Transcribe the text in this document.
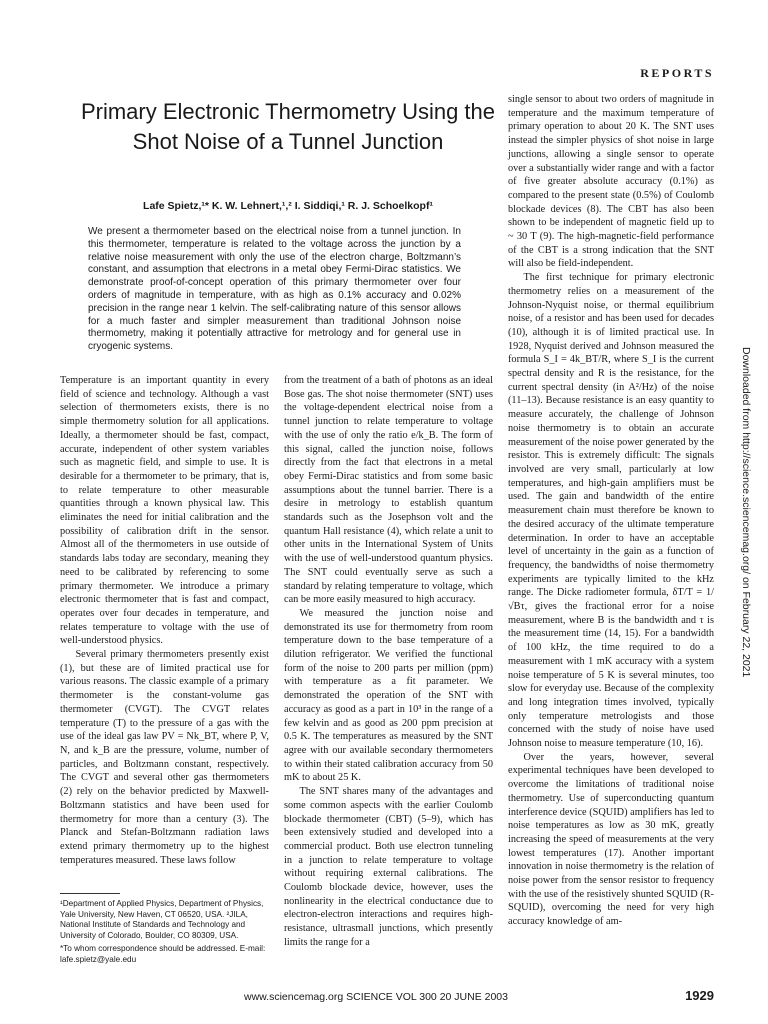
REPORTS
Primary Electronic Thermometry Using the Shot Noise of a Tunnel Junction
Lafe Spietz,¹* K. W. Lehnert,¹,² I. Siddiqi,¹ R. J. Schoelkopf¹
We present a thermometer based on the electrical noise from a tunnel junction. In this thermometer, temperature is related to the voltage across the junction by a relative noise measurement with only the use of the electron charge, Boltzmann’s constant, and assumption that electrons in a metal obey Fermi-Dirac statistics. We demonstrate proof-of-concept operation of this primary thermometer over four orders of magnitude in temperature, with as high as 0.1% accuracy and 0.02% precision in the range near 1 kelvin. The self-calibrating nature of this sensor allows for a much faster and simpler measurement than traditional Johnson noise thermometry, making it potentially attractive for metrology and for general use in cryogenic systems.

Temperature is an important quantity in every field of science and technology. Although a vast selection of thermometers exists, there is no simple thermometry solution for all applications. Ideally, a thermometer should be fast, compact, accurate, independent of other system variables such as magnetic field, and simple to use. It is desirable for a thermometer to be primary, that is, to relate temperature to other measurable quantities through a known physical law. This eliminates the need for initial calibration and the possibility of calibration drift in the sensor. Almost all of the thermometers in use outside of standards labs today are secondary, meaning they need to be calibrated by referencing to some primary thermometer. We introduce a primary electronic thermometer that is fast and compact, operates over four decades in temperature, and relates temperature to voltage with the use of well-understood physics.

Several primary thermometers presently exist (1), but these are of limited practical use for various reasons. The classic example of a primary thermometer is the constant-volume gas thermometer (CVGT). The CVGT relates temperature (T) to the pressure of a gas with the use of the ideal gas law PV = Nk_BT, where P, V, N, and k_B are the pressure, volume, number of particles, and Boltzmann constant, respectively. The CVGT and several other gas thermometers (2) rely on the behavior predicted by Maxwell-Boltzmann statistics and have been used for thermometry for more than a century (3). The Planck and Stefan-Boltzmann radiation laws extend primary thermometry up to the highest temperatures measured. These laws follow

from the treatment of a bath of photons as an ideal Bose gas. The shot noise thermometer (SNT) uses the voltage-dependent electrical noise from a tunnel junction to relate temperature to voltage with the use of only the ratio e/k_B. The form of this signal, called the junction noise, follows directly from the fact that electrons in a metal obey Fermi-Dirac statistics and from some basic assumptions about the tunnel barrier. There is a desire in metrology to establish quantum standards such as the Josephson volt and the quantum Hall resistance (4), which relate a unit to other units in the International System of Units with the use of well-understood quantum physics. The SNT could eventually serve as such a standard by relating temperature to voltage, which can be more easily measured to high accuracy.

We measured the junction noise and demonstrated its use for thermometry from room temperature down to the base temperature of a dilution refrigerator. We verified the functional form of the noise to 200 parts per million (ppm) with temperature as a fit parameter. We demonstrated the operation of the SNT with accuracy as good as a part in 10³ in the range of a few kelvin and as good as 200 ppm precision at 0.5 K. The temperatures as measured by the SNT agree with our available secondary thermometers to within their stated calibration accuracy from 50 mK to about 25 K.

The SNT shares many of the advantages and some common aspects with the earlier Coulomb blockade thermometer (CBT) (5–9), which has been extensively studied and developed into a commercial product. Both use electron tunneling in a junction to relate temperature to voltage without requiring external calibrations. The Coulomb blockade device, however, uses the nonlinearity in the electrical conductance due to electron-electron interactions and requires high-resistance, ultrasmall junctions, which presently limits the range for a

single sensor to about two orders of magnitude in temperature and the maximum temperature of primary operation to about 20 K. The SNT uses instead the simpler physics of shot noise in large junctions, allowing a single sensor to operate over a substantially wider range and with a factor of five greater absolute accuracy (0.1%) as compared to the present state (0.5%) of Coulomb blockade devices (8). The CBT has also been shown to be independent of magnetic field up to ~ 30 T (9). The high-magnetic-field performance of the CBT is a strong indication that the SNT will also be field-independent.

The first technique for primary electronic thermometry relies on a measurement of the Johnson-Nyquist noise, or thermal equilibrium noise, of a resistor and has been used for decades (10), although it is of limited practical use. In 1928, Nyquist derived and Johnson measured the formula S_I = 4k_BT/R, where S_I is the current spectral density and R is the resistance, for the current spectral density (in A²/Hz) of the noise (11–13). Because resistance is an easy quantity to measure accurately, the challenge of Johnson noise thermometry is to obtain an accurate measurement of the noise power generated by the resistor. This is extremely difficult: The signals involved are very small, particularly at low temperatures, and high-gain amplifiers must be used. The gain and bandwidth of the entire measurement chain must therefore be known to the desired accuracy of the ultimate temperature determination. In order to have an acceptable level of uncertainty in the gain as a function of frequency, the bandwidths of noise thermometry experiments are typically limited to the kHz range. The Dicke radiometer formula, δT/T = 1/√Bτ, gives the fractional error for a noise measurement, where B is the bandwidth and τ is the measurement time (14, 15). For a bandwidth of 100 kHz, the time required to do a measurement with 1 mK accuracy with a system noise temperature of 5 K is several minutes, too slow for everyday use. Because of the complexity and long integration times involved, typically only temperature metrologists and those concerned with the study of noise have used Johnson noise to measure temperature (10, 16).

Over the years, however, several experimental techniques have been developed to overcome the limitations of traditional noise thermometry. Use of superconducting quantum interference device (SQUID) amplifiers has led to noise temperatures as low as 30 mK, greatly increasing the speed of measurements at the very lowest temperatures (17). Another important innovation in noise thermometry is the relation of noise power from the sensor resistor to frequency with the use of the resistively shunted SQUID (R-SQUID), overcoming the need for very high accuracy knowledge of am-

¹Department of Applied Physics, Department of Physics, Yale University, New Haven, CT 06520, USA. ²JILA, National Institute of Standards and Technology and University of Colorado, Boulder, CO 80309, USA.

*To whom correspondence should be addressed. E-mail: lafe.spietz@yale.edu

Downloaded from http://science.sciencemag.org/ on February 22, 2021
www.sciencemag.org SCIENCE VOL 300 20 JUNE 2003	1929
